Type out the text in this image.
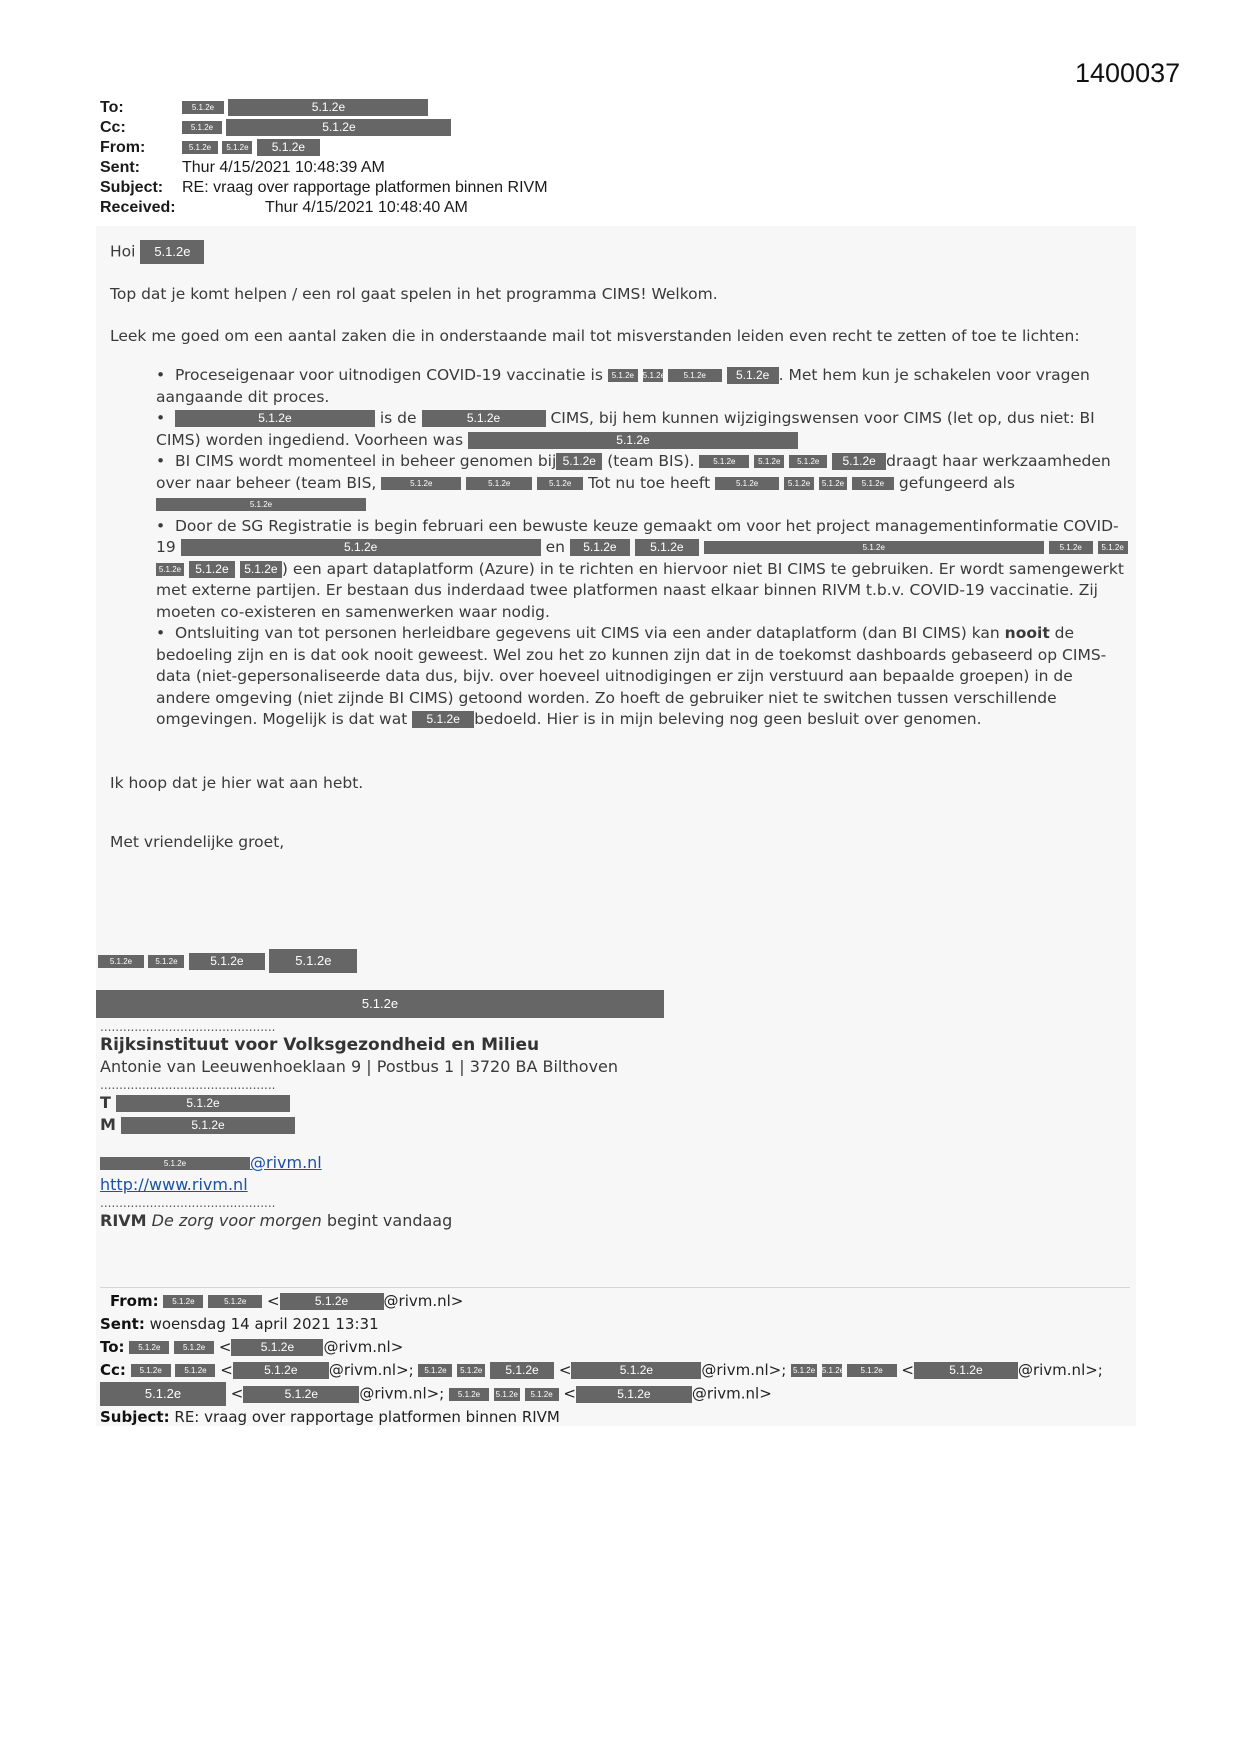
1400037
To:	5.1.2e	5.1.2e
Cc:	5.1.2e	5.1.2e
From:	5.1.2e 5.1.2e 5.1.2e
Sent:	Thur 4/15/2021 10:48:39 AM
Subject: RE: vraag over rapportage platformen binnen RIVM
Received:	Thur 4/15/2021 10:48:40 AM

Hoi 5.1.2e

Top dat je komt helpen / een rol gaat spelen in het programma CIMS! Welkom.

Leek me goed om een aantal zaken die in onderstaande mail tot misverstanden leiden even recht te zetten of toe te lichten:

• Proceseigenaar voor uitnodigen COVID-19 vaccinatie is 5.1.2e 5.1.2e 5.1.2e	5.1.2e . Met hem kun je schakelen voor vragen aangaande dit proces.
• 5.1.2e	is de	5.1.2e	CIMS, bij hem kunnen wijzigingswensen voor CIMS (let op, dus niet: BI CIMS) worden ingediend. Voorheen was	5.1.2e
• BI CIMS wordt momenteel in beheer genomen bij 5.1.2e (team BIS). 5.1.2e	5.1.2e 5.1.2e 5.1.2e draagt haar werkzaamheden over naar beheer (team BIS,	5.1.2e	5.1.2e	5.1.2e Tot nu toe heeft	5.1.2e	5.1.2e 5.1.2e 5.1.2e gefungeerd als5.1.2e
• Door de SG Registratie is begin februari een bewuste keuze gemaakt om voor het project managementinformatie COVID-19	5.1.2e	en 5.1.2e	5.1.2e	5.1.2e	5.1.2e 5.1.2e 5.1.2e 5.1.2e 5.1.2e ) een apart dataplatform (Azure) in te richten en hiervoor niet BI CIMS te gebruiken. Er wordt samengewerkt met externe partijen. Er bestaan dus inderdaad twee platformen naast elkaar binnen RIVM t.b.v. COVID-19 vaccinatie. Zij moeten co-existeren en samenwerken waar nodig.
• Ontsluiting van tot personen herleidbare gegevens uit CIMS via een ander dataplatform (dan BI CIMS) kan nooit de bedoeling zijn en is dat ook nooit geweest. Wel zou het zo kunnen zijn dat in de toekomst dashboards gebaseerd op CIMS-data (niet-gepersonaliseerde data dus, bijv. over hoeveel uitnodigingen er zijn verstuurd aan bepaalde groepen) in de andere omgeving (niet zijnde BI CIMS) getoond worden. Zo hoeft de gebruiker niet te switchen tussen verschillende omgevingen. Mogelijk is dat wat 5.1.2e bedoeld. Hier is in mijn beleving nog geen besluit over genomen.

Ik hoop dat je hier wat aan hebt.

Met vriendelijke groet,

5.1.2e	5.1.2e	5.1.2e	5.1.2e
5.1.2e
..............................................
Rijksinstituut voor Volksgezondheid en Milieu
Antonie van Leeuwenhoeklaan 9 | Postbus 1 | 3720 BA Bilthoven
..............................................
T	5.1.2e
M	5.1.2e
5.1.2e	@rivm.nl
http://www.rivm.nl
..............................................
RIVM De zorg voor morgen begint vandaag
From: 5.1.2e	5.1.2e <	5.1.2e @rivm.nl>
Sent: woensdag 14 april 2021 13:31
To: 5.1.2e	5.1.2e < 5.1.2e @rivm.nl>
Cc: 5.1.2e	5.1.2e <	5.1.2e @rivm.nl>; 5.1.2e 5.1.2e 5.1.2e <	5.1.2e	@rivm.nl>; 5.1.2e 5.1.2e 5.1.2e <	5.1.2e @rivm.nl>;
5.1.2e	<	5.1.2e	@rivm.nl>; 5.1.2e 5.1.2e 5.1.2e <	5.1.2e	@rivm.nl>
Subject: RE: vraag over rapportage platformen binnen RIVM
